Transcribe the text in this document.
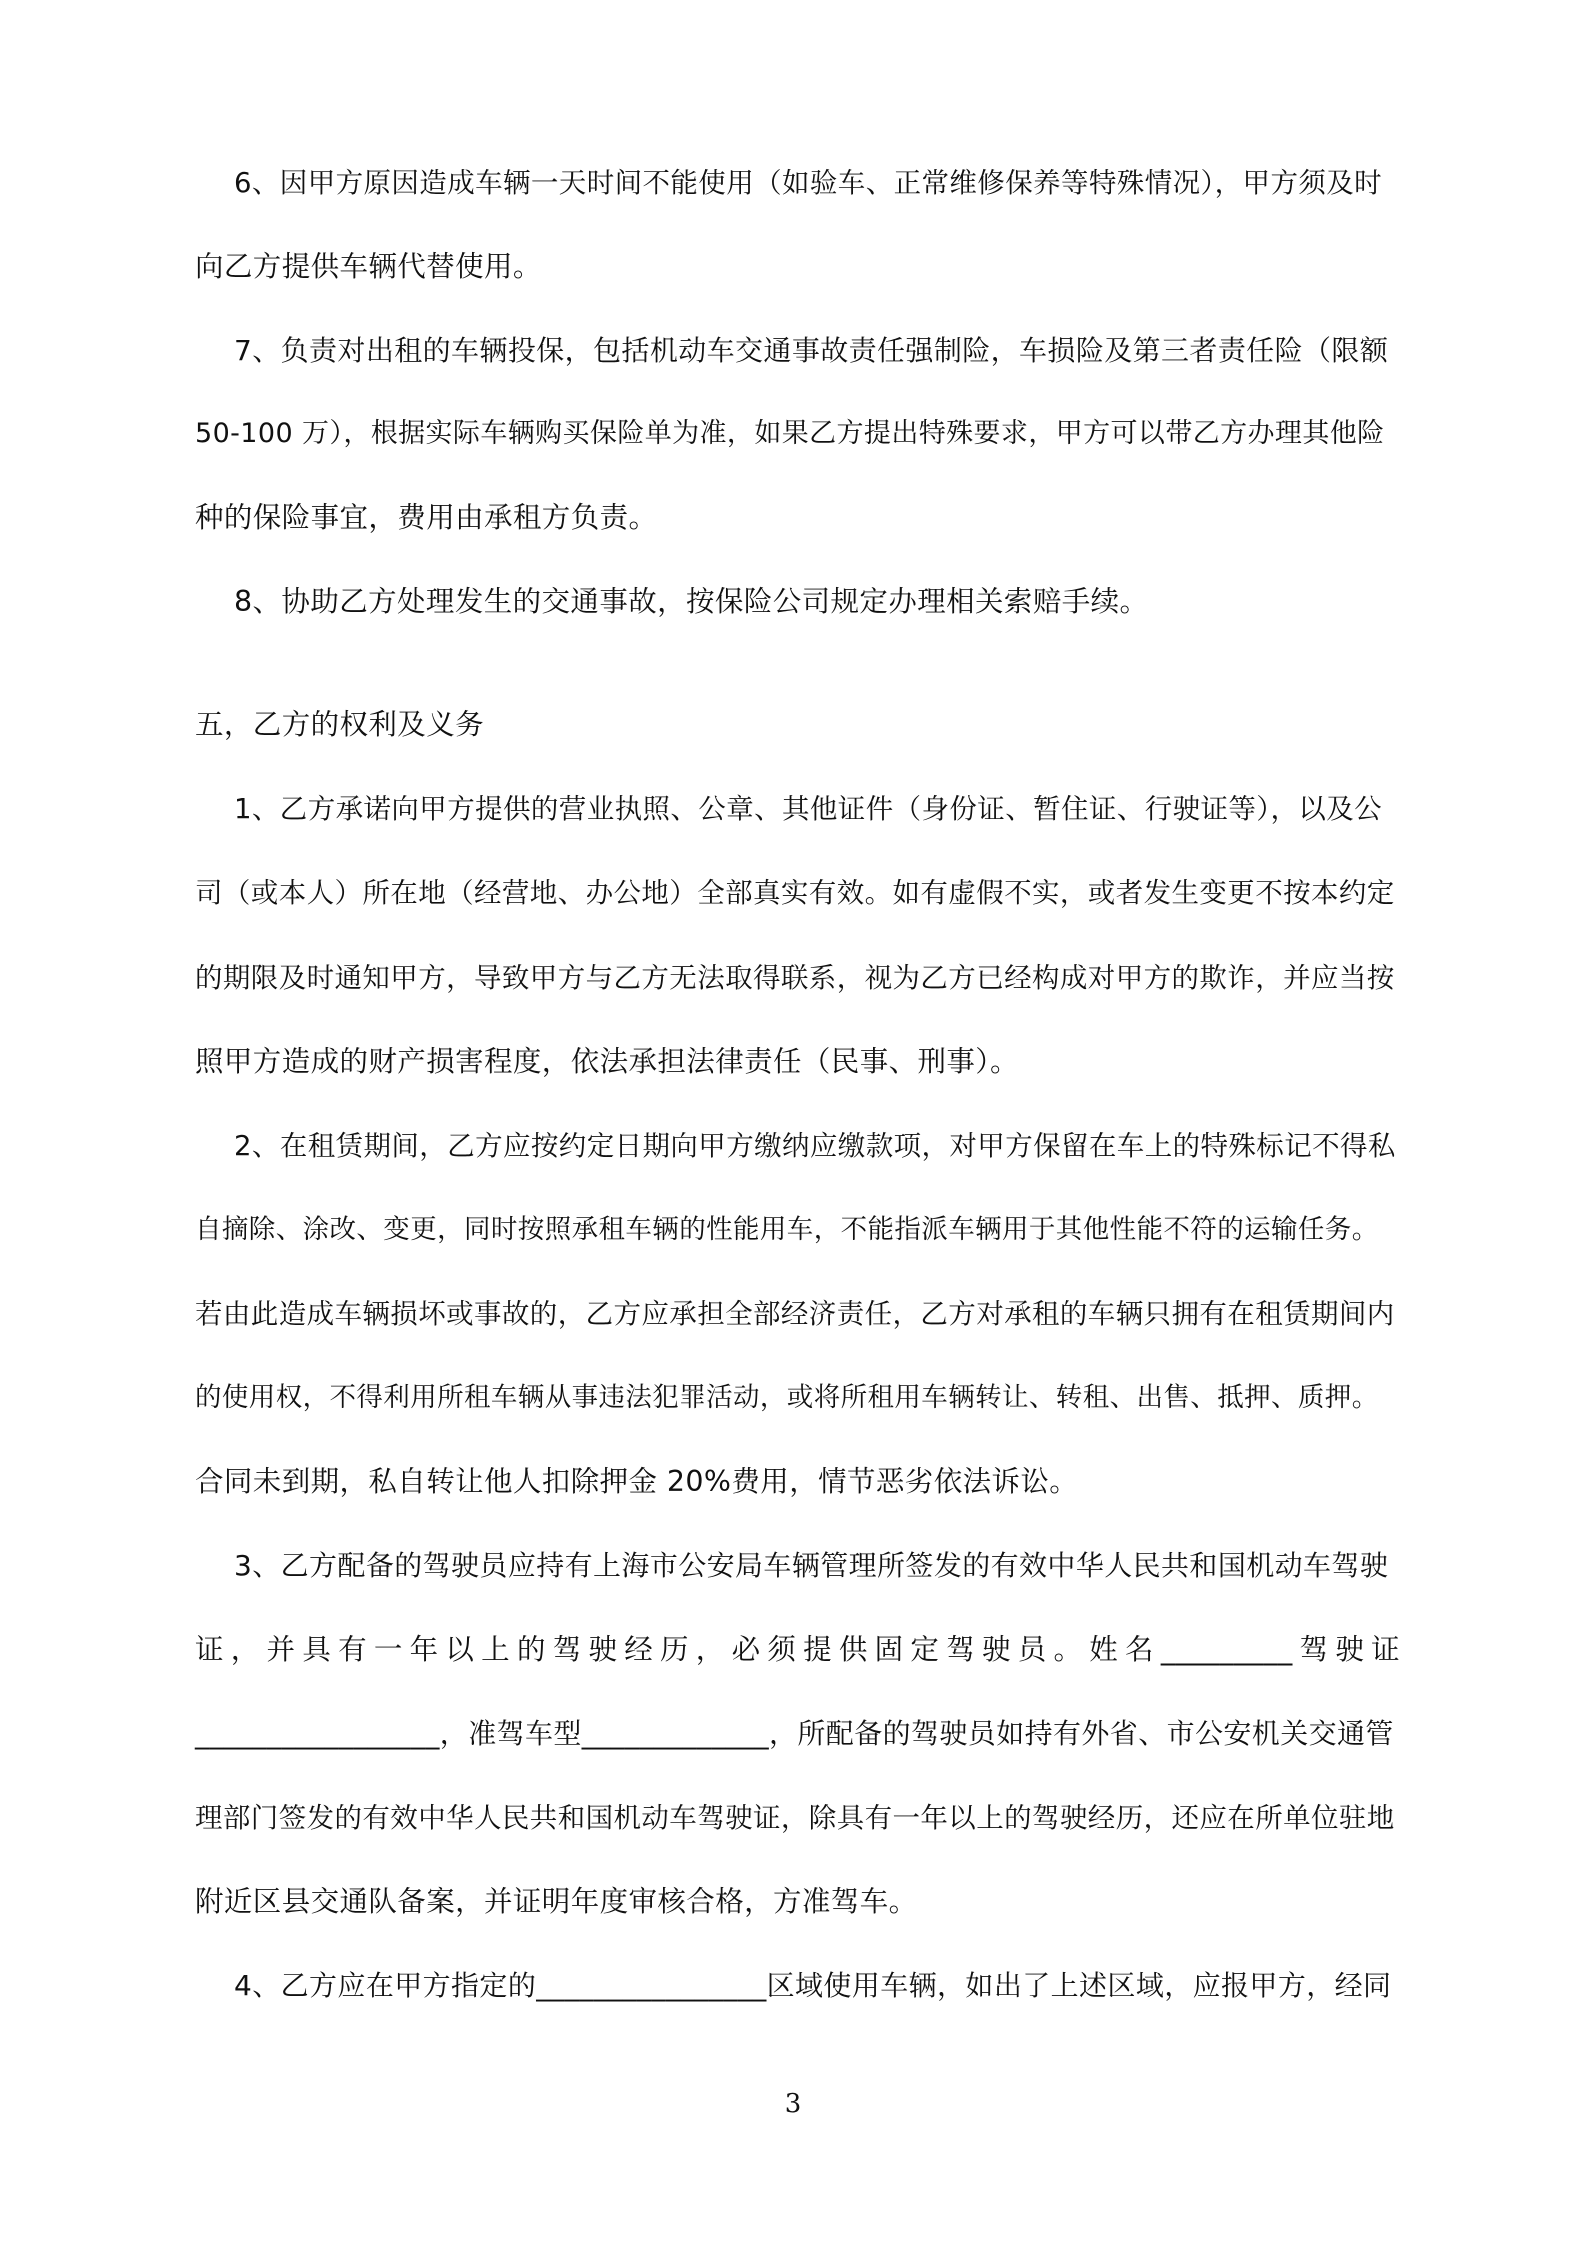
6、因甲方原因造成车辆一天时间不能使用（如验车、正常维修保养等特殊情况），甲方须及时
向乙方提供车辆代替使用。
7、负责对出租的车辆投保，包括机动车交通事故责任强制险，车损险及第三者责任险（限额
50-100 万），根据实际车辆购买保险单为准，如果乙方提出特殊要求，甲方可以带乙方办理其他险
种的保险事宜，费用由承租方负责。
8、协助乙方处理发生的交通事故，按保险公司规定办理相关索赔手续。
五，乙方的权利及义务
1、乙方承诺向甲方提供的营业执照、公章、其他证件（身份证、暂住证、行驶证等），以及公
司（或本人）所在地（经营地、办公地）全部真实有效。如有虚假不实，或者发生变更不按本约定
的期限及时通知甲方，导致甲方与乙方无法取得联系，视为乙方已经构成对甲方的欺诈，并应当按
照甲方造成的财产损害程度，依法承担法律责任（民事、刑事）。
2、在租赁期间，乙方应按约定日期向甲方缴纳应缴款项，对甲方保留在车上的特殊标记不得私
自摘除、涂改、变更，同时按照承租车辆的性能用车，不能指派车辆用于其他性能不符的运输任务。
若由此造成车辆损坏或事故的，乙方应承担全部经济责任，乙方对承租的车辆只拥有在租赁期间内
的使用权，不得利用所租车辆从事违法犯罪活动，或将所租用车辆转让、转租、出售、抵押、质押。
合同未到期，私自转让他人扣除押金 20%费用，情节恶劣依法诉讼。
3、乙方配备的驾驶员应持有上海市公安局车辆管理所签发的有效中华人民共和国机动车驾驶
证，并具有一年以上的驾驶经历，必须提供固定驾驶员。姓名_________驾驶证
_________________，准驾车型_____________，所配备的驾驶员如持有外省、市公安机关交通管
理部门签发的有效中华人民共和国机动车驾驶证，除具有一年以上的驾驶经历，还应在所单位驻地
附近区县交通队备案，并证明年度审核合格，方准驾车。
4、乙方应在甲方指定的________________区域使用车辆，如出了上述区域，应报甲方，经同
3
